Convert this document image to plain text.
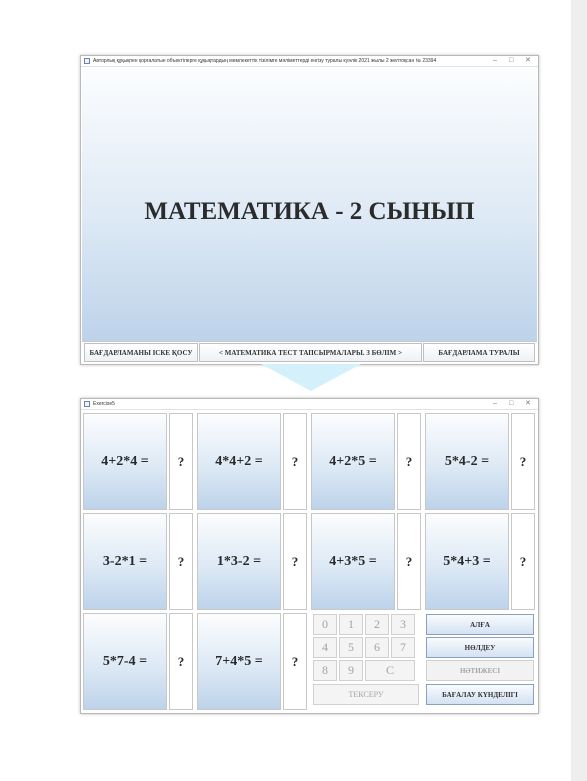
Авторлық құқықпен қорғалатын объектілерге құқықтардың мемлекеттік тізілімге мәліметтерді енгізу туралы куәлік 2021 жылы 2 желтоқсан № 23394	– □ ✕
МАТЕМАТИКА - 2 СЫНЫП
БАҒДАРЛАМАНЫ ІСКЕ ҚОСУ	< МАТЕМАТИКА ТЕСТ ТАПСЫРМАЛАРЫ. 3 БӨЛІМ >	БАҒДАРЛАМА ТУРАЛЫ
Exercise5	– □ ✕
4+2*4 =	?	4*4+2 =	?	4+2*5 =	?	5*4-2 =	?
3-2*1 =	?	1*3-2 =	?	4+3*5 =	?	5*4+3 =	?
5*7-4 =	?	7+4*5 =	?
0	1	2	3
4	5	6	7
8	9	C
ТЕКСЕРУ
АЛҒА
НӨЛДЕУ
НӘТИЖЕСІ
БАҒАЛАУ КҮНДЕЛІГІ
